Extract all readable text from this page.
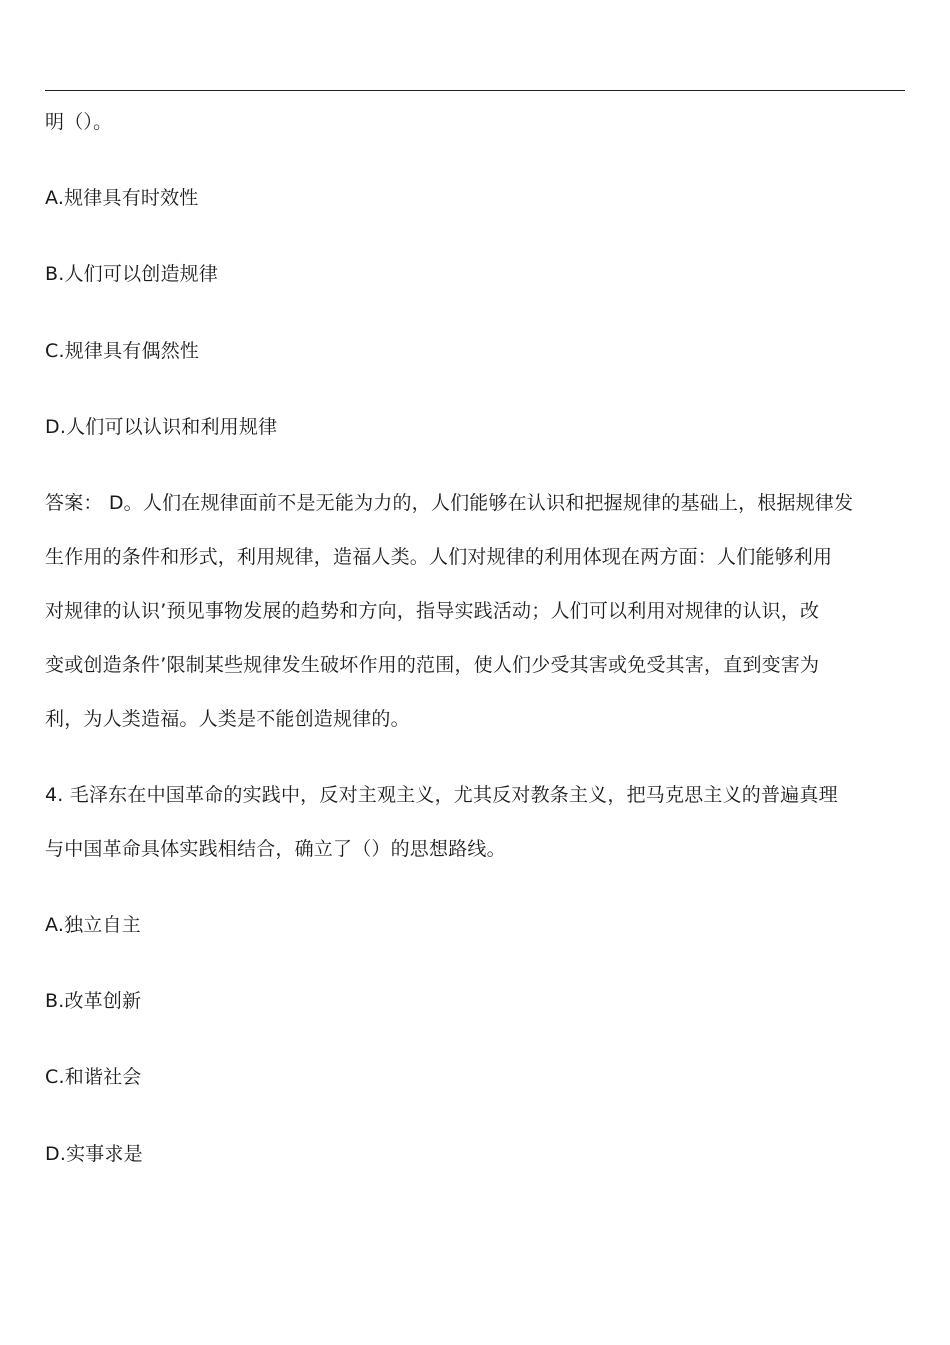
明（）。
A.规律具有时效性
B.人们可以创造规律
C.规律具有偶然性
D.人们可以认识和利用规律
答案： D。人们在规律面前不是无能为力的，人们能够在认识和把握规律的基础上，根据规律发
生作用的条件和形式，利用规律，造福人类。人们对规律的利用体现在两方面：人们能够利用
对规律的认识’预见事物发展的趋势和方向，指导实践活动；人们可以利用对规律的认识，改
变或创造条件’限制某些规律发生破坏作用的范围，使人们少受其害或免受其害，直到变害为
利，为人类造福。人类是不能创造规律的。
4. 毛泽东在中国革命的实践中，反对主观主义，尤其反对教条主义，把马克思主义的普遍真理
与中国革命具体实践相结合，确立了（）的思想路线。
A.独立自主
B.改革创新
C.和谐社会
D.实事求是
